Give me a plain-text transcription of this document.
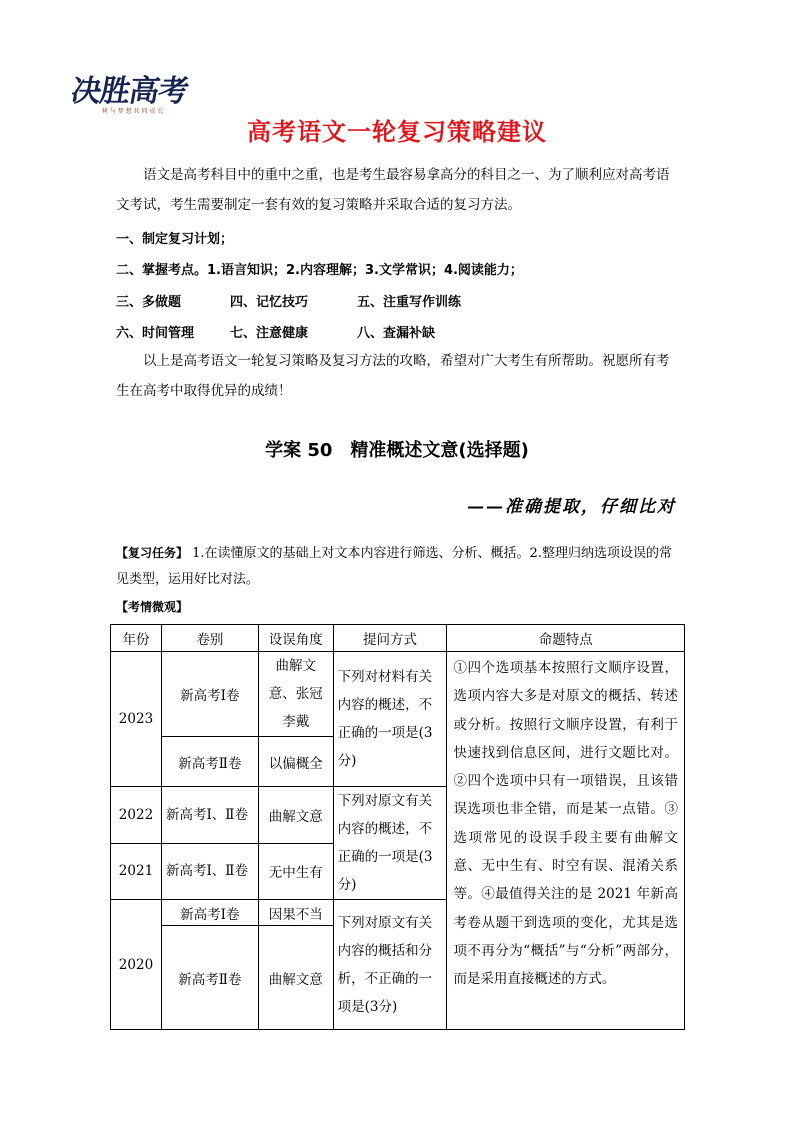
决胜高考
树 与 梦 想 共 同 成 长
高考语文一轮复习策略建议
语文是高考科目中的重中之重，也是考生最容易拿高分的科目之一、为了顺利应对高考语文考试，考生需要制定一套有效的复习策略并采取合适的复习方法。
一、制定复习计划；
二、掌握考点。1.语言知识；2.内容理解；3.文学常识；4.阅读能力；
三、多做题	四、记忆技巧	五、注重写作训练
六、时间管理	七、注意健康	八、查漏补缺
以上是高考语文一轮复习策略及复习方法的攻略，希望对广大考生有所帮助。祝愿所有考生在高考中取得优异的成绩！
学案 50　精准概述文意(选择题)
——准确提取，仔细比对
【复习任务】 1.在读懂原文的基础上对文本内容进行筛选、分析、概括。2.整理归纳选项设误的常见类型，运用好比对法。
【考情微观】
年份	卷别	设误角度	提问方式	命题特点
2023	新高考Ⅰ卷	曲解文意、张冠李戴	下列对材料有关内容的概述，不正确的一项是(3 分)	①四个选项基本按照行文顺序设置，选项内容大多是对原文的概括、转述或分析。按照行文顺序设置，有利于快速找到信息区间，进行文题比对。②四个选项中只有一项错误，且该错误选项也非全错，而是某一点错。③选项常见的设误手段主要有曲解文意、无中生有、时空有误、混淆关系等。④最值得关注的是 2021 年新高考卷从题干到选项的变化，尤其是选项不再分为“概括”与“分析”两部分，而是采用直接概述的方式。
	新高考Ⅱ卷	以偏概全		
2022	新高考Ⅰ、Ⅱ卷	曲解文意	下列对原文有关内容的概述，不正确的一项是(3 分)	
2021	新高考Ⅰ、Ⅱ卷	无中生有		
2020	新高考Ⅰ卷	因果不当	下列对原文有关内容的概括和分析，不正确的一项是(3分)	
	新高考Ⅱ卷	曲解文意		
